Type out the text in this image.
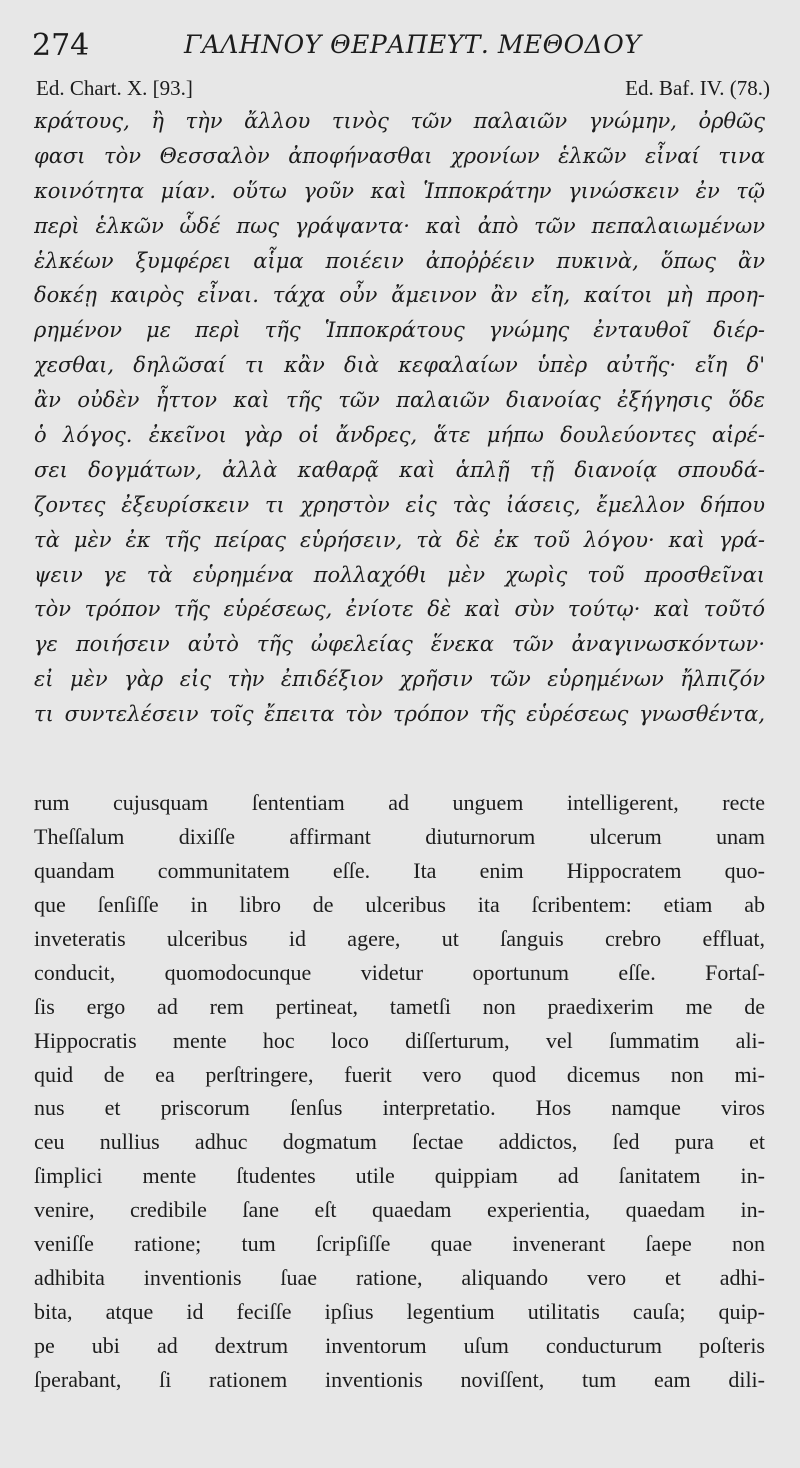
274	ΓΑΛΗΝΟΥ ΘΕΡΑΠΕΥΤ. ΜΕΘΟΔΟΥ
Ed. Chart. X. [93.]	Ed. Baf. IV. (78.)
κράτους, ἢ τὴν ἄλλου τινὸς τῶν παλαιῶν γνώμην, ὀρθῶς
φασι τὸν Θεσσαλὸν ἀποφήνασθαι χρονίων ἑλκῶν εἶναί τινα
κοινότητα μίαν. οὕτω γοῦν καὶ Ἱπποκράτην γινώσκειν ἐν τῷ
περὶ ἑλκῶν ὧδέ πως γράψαντα· καὶ ἀπὸ τῶν πεπαλαιωμένων
ἑλκέων ξυμφέρει αἷμα ποιέειν ἀποῤῥέειν πυκινὰ, ὅπως ἂν
δοκέῃ καιρὸς εἶναι. τάχα οὖν ἄμεινον ἂν εἴη, καίτοι μὴ προη-
ρημένον με περὶ τῆς Ἱπποκράτους γνώμης ἐνταυθοῖ διέρ-
χεσθαι, δηλῶσαί τι κἂν διὰ κεφαλαίων ὑπὲρ αὐτῆς· εἴη δ'
ἂν οὐδὲν ἧττον καὶ τῆς τῶν παλαιῶν διανοίας ἐξήγησις ὅδε
ὁ λόγος. ἐκεῖνοι γὰρ οἱ ἄνδρες, ἅτε μήπω δουλεύοντες αἱρέ-
σει δογμάτων, ἀλλὰ καθαρᾷ καὶ ἁπλῇ τῇ διανοίᾳ σπουδά-
ζοντες ἐξευρίσκειν τι χρηστὸν εἰς τὰς ἰάσεις, ἔμελλον δήπου
τὰ μὲν ἐκ τῆς πείρας εὑρήσειν, τὰ δὲ ἐκ τοῦ λόγου· καὶ γρά-
ψειν γε τὰ εὑρημένα πολλαχόθι μὲν χωρὶς τοῦ προσθεῖναι
τὸν τρόπον τῆς εὑρέσεως, ἐνίοτε δὲ καὶ σὺν τούτῳ· καὶ τοῦτό
γε ποιήσειν αὐτὸ τῆς ὠφελείας ἕνεκα τῶν ἀναγινωσκόντων·
εἰ μὲν γὰρ εἰς τὴν ἐπιδέξιον χρῆσιν τῶν εὑρημένων ἤλπιζόν
τι συντελέσειν τοῖς ἔπειτα τὸν τρόπον τῆς εὑρέσεως γνωσθέντα,
rum cujusquam ſententiam ad unguem intelligerent, recte
Theſſalum dixiſſe affirmant diuturnorum ulcerum unam
quandam communitatem eſſe. Ita enim Hippocratem quo-
que ſenſiſſe in libro de ulceribus ita ſcribentem: etiam ab
inveteratis ulceribus id agere, ut ſanguis crebro effluat,
conducit, quomodocunque videtur oportunum eſſe. Fortaſ-
ſis ergo ad rem pertineat, tametſi non praedixerim me de
Hippocratis mente hoc loco diſſerturum, vel ſummatim ali-
quid de ea perſtringere, fuerit vero quod dicemus non mi-
nus et priscorum ſenſus interpretatio. Hos namque viros
ceu nullius adhuc dogmatum ſectae addictos, ſed pura et
ſimplici mente ſtudentes utile quippiam ad ſanitatem in-
venire, credibile ſane eſt quaedam experientia, quaedam in-
veniſſe ratione; tum ſcripſiſſe quae invenerant ſaepe non
adhibita inventionis ſuae ratione, aliquando vero et adhi-
bita, atque id feciſſe ipſius legentium utilitatis cauſa; quip-
pe ubi ad dextrum inventorum uſum conducturum poſteris
ſperabant, ſi rationem inventionis noviſſent, tum eam dili-
